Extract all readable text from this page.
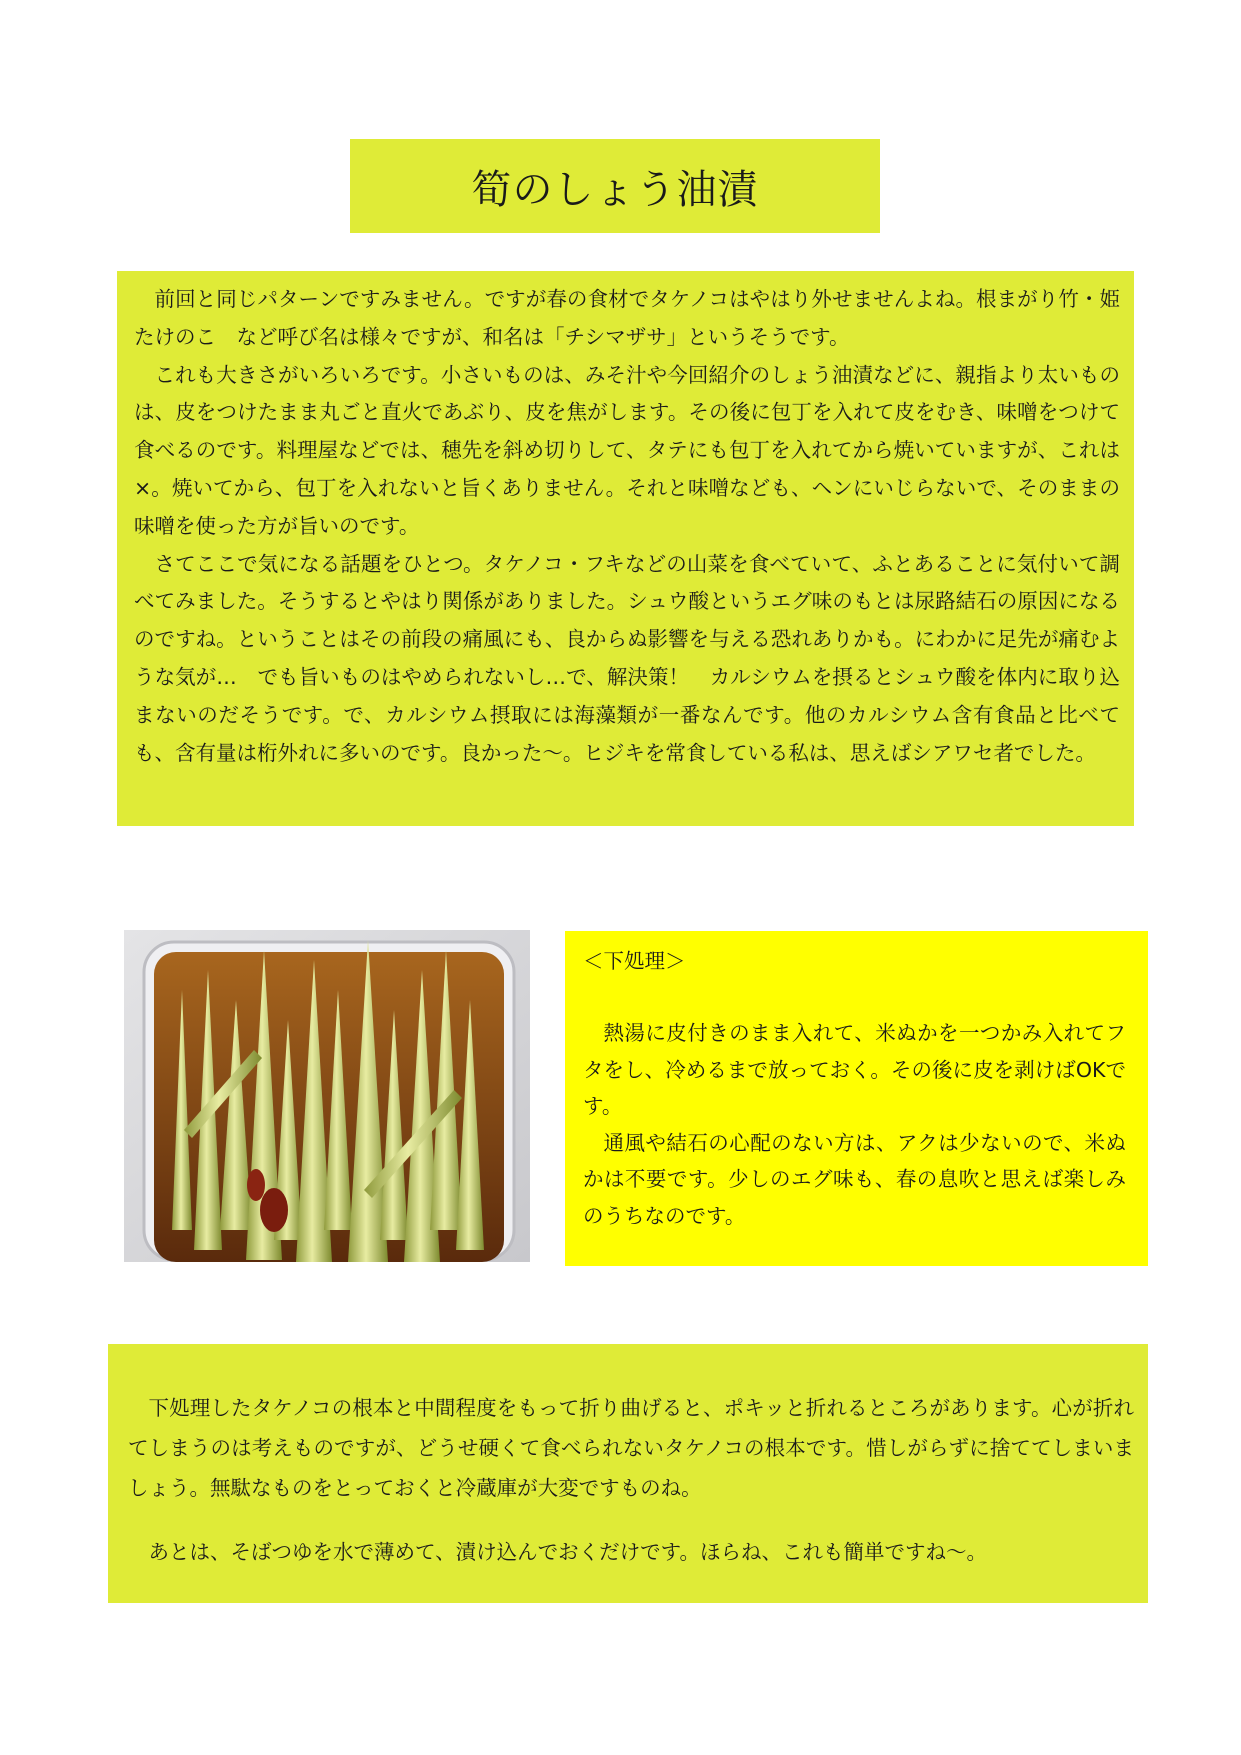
筍のしょう油漬

前回と同じパターンですみません。ですが春の食材でタケノコはやはり外せませんよね。根まがり竹・姫たけのこ　など呼び名は様々ですが、和名は「チシマザサ」というそうです。

これも大きさがいろいろです。小さいものは、みそ汁や今回紹介のしょう油漬などに、親指より太いものは、皮をつけたまま丸ごと直火であぶり、皮を焦がします。その後に包丁を入れて皮をむき、味噌をつけて食べるのです。料理屋などでは、穂先を斜め切りして、タテにも包丁を入れてから焼いていますが、これは×。焼いてから、包丁を入れないと旨くありません。それと味噌なども、ヘンにいじらないで、そのままの味噌を使った方が旨いのです。

さてここで気になる話題をひとつ。タケノコ・フキなどの山菜を食べていて、ふとあることに気付いて調べてみました。そうするとやはり関係がありました。シュウ酸というエグ味のもとは尿路結石の原因になるのですね。ということはその前段の痛風にも、良からぬ影響を与える恐れありかも。にわかに足先が痛むような気が…　でも旨いものはやめられないし…で、解決策！　カルシウムを摂るとシュウ酸を体内に取り込まないのだそうです。で、カルシウム摂取には海藻類が一番なんです。他のカルシウム含有食品と比べても、含有量は桁外れに多いのです。良かった～。ヒジキを常食している私は、思えばシアワセ者でした。

＜下処理＞

熱湯に皮付きのまま入れて、米ぬかを一つかみ入れてフタをし、冷めるまで放っておく。その後に皮を剥けばOKです。

通風や結石の心配のない方は、アクは少ないので、米ぬかは不要です。少しのエグ味も、春の息吹と思えば楽しみのうちなのです。

下処理したタケノコの根本と中間程度をもって折り曲げると、ポキッと折れるところがあります。心が折れてしまうのは考えものですが、どうせ硬くて食べられないタケノコの根本です。惜しがらずに捨ててしまいましょう。無駄なものをとっておくと冷蔵庫が大変ですものね。

あとは、そばつゆを水で薄めて、漬け込んでおくだけです。ほらね、これも簡単ですね～。
